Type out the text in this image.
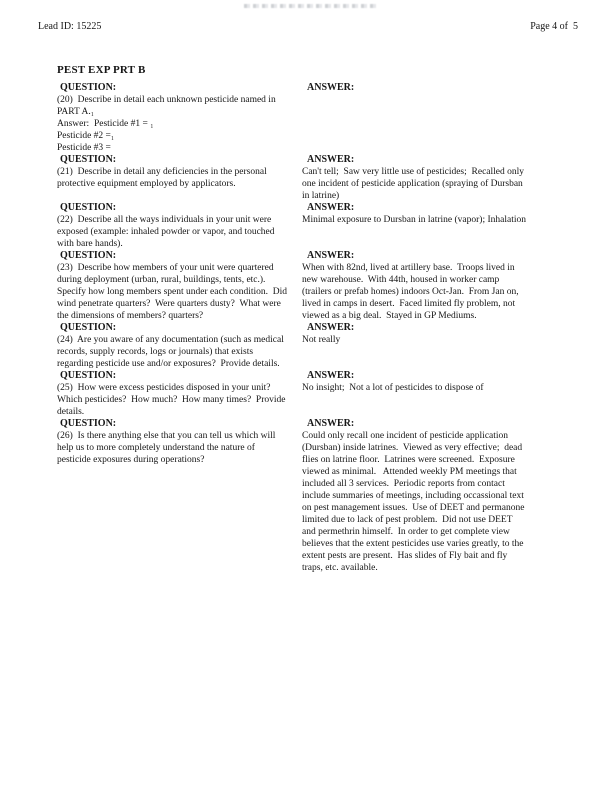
Lead ID: 15225	Page 4 of  5
PEST EXP PRT B
QUESTION:
(20)  Describe in detail each unknown pesticide named in
PART A.₁
Answer:  Pesticide #1 = ₁
Pesticide #2 =₁
Pesticide #3 =
ANSWER:
QUESTION:
(21)  Describe in detail any deficiencies in the personal
protective equipment employed by applicators.
ANSWER:
Can't tell;  Saw very little use of pesticides;  Recalled only
one incident of pesticide application (spraying of Dursban
in latrine)
QUESTION:
(22)  Describe all the ways individuals in your unit were
exposed (example: inhaled powder or vapor, and touched
with bare hands).
ANSWER:
Minimal exposure to Dursban in latrine (vapor); Inhalation
QUESTION:
(23)  Describe how members of your unit were quartered
during deployment (urban, rural, buildings, tents, etc.).
Specify how long members spent under each condition.  Did
wind penetrate quarters?  Were quarters dusty?  What were
the dimensions of members? quarters?
ANSWER:
When with 82nd, lived at artillery base.  Troops lived in
new warehouse.  With 44th, housed in worker camp
(trailers or prefab homes) indoors Oct-Jan.  From Jan on,
lived in camps in desert.  Faced limited fly problem, not
viewed as a big deal.  Stayed in GP Mediums.
QUESTION:
(24)  Are you aware of any documentation (such as medical
records, supply records, logs or journals) that exists
regarding pesticide use and/or exposures?  Provide details.
ANSWER:
Not really
QUESTION:
(25)  How were excess pesticides disposed in your unit?
Which pesticides?  How much?  How many times?  Provide
details.
ANSWER:
No insight;  Not a lot of pesticides to dispose of
QUESTION:
(26)  Is there anything else that you can tell us which will
help us to more completely understand the nature of
pesticide exposures during operations?
ANSWER:
Could only recall one incident of pesticide application
(Dursban) inside latrines.  Viewed as very effective;  dead
flies on latrine floor.  Latrines were screened.  Exposure
viewed as minimal.   Attended weekly PM meetings that
included all 3 services.  Periodic reports from contact
include summaries of meetings, including occassional text
on pest management issues.  Use of DEET and permanone
limited due to lack of pest problem.  Did not use DEET
and permethrin himself.  In order to get complete view
believes that the extent pesticides use varies greatly, to the
extent pests are present.  Has slides of Fly bait and fly
traps, etc. available.
